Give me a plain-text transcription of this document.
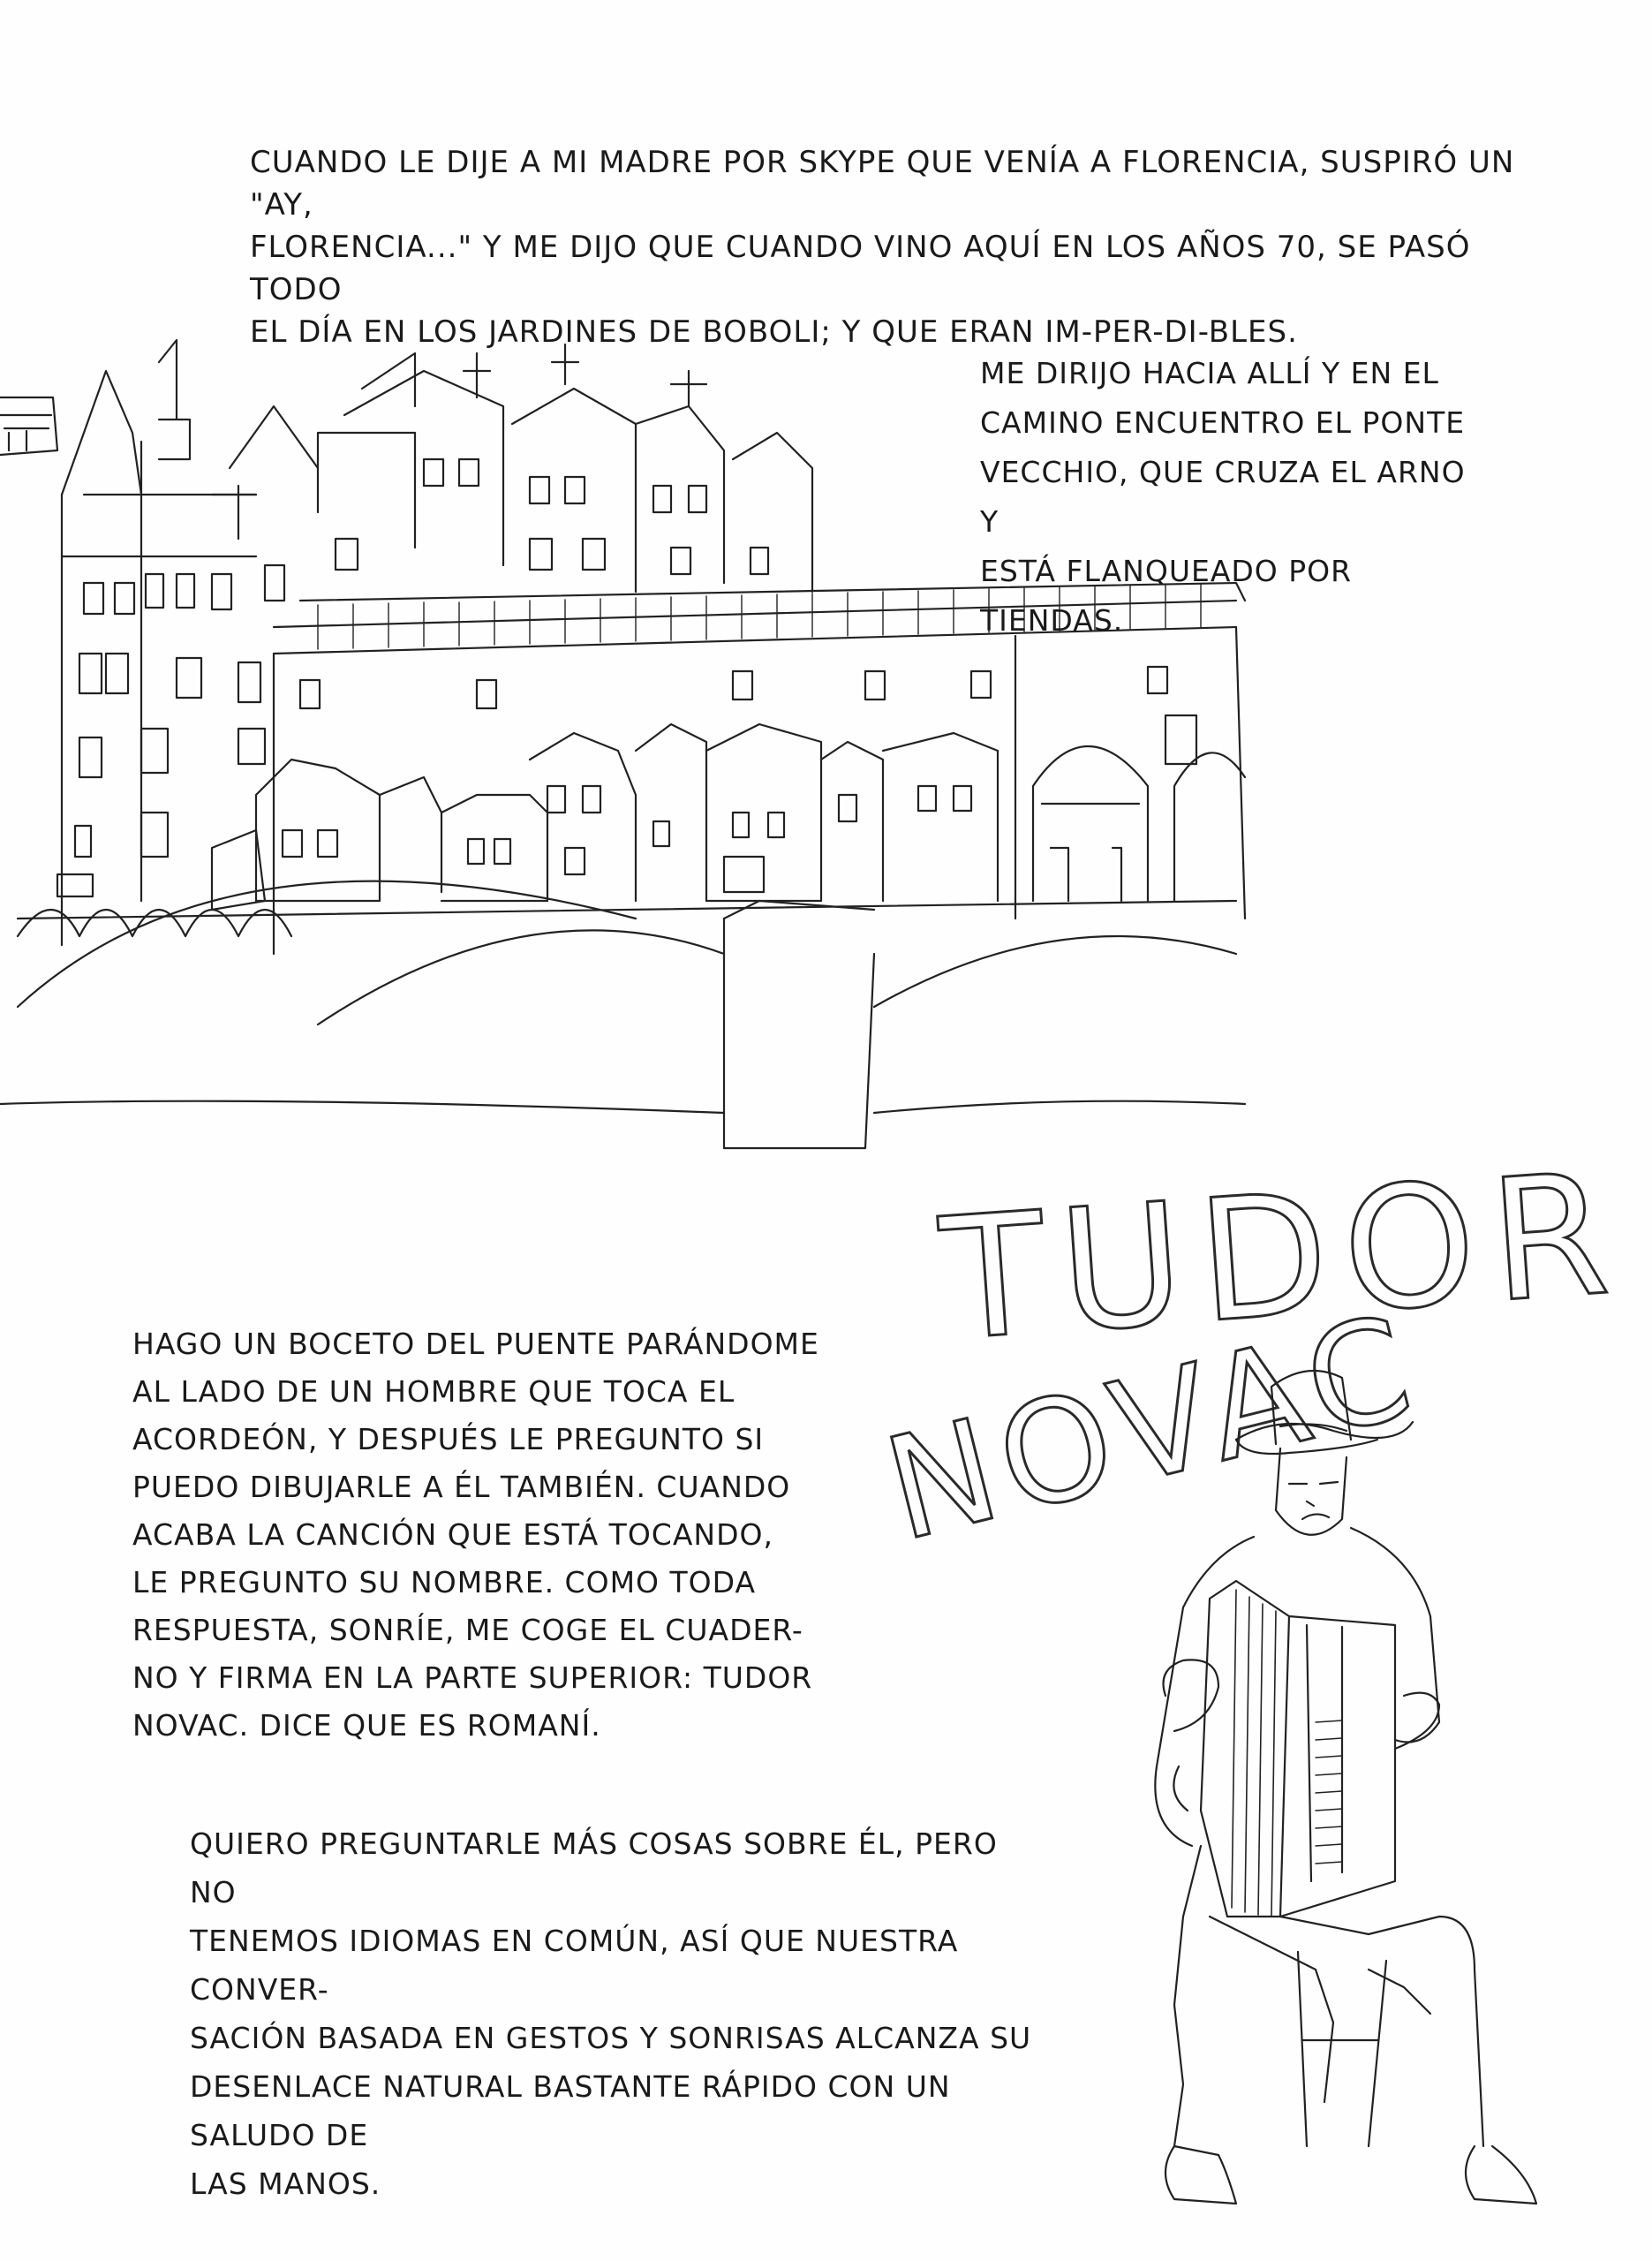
CUANDO LE DIJE A MI MADRE POR SKYPE QUE VENÍA A FLORENCIA, SUSPIRÓ UN "AY,
FLORENCIA..." Y ME DIJO QUE CUANDO VINO AQUÍ EN LOS AÑOS 70, SE PASÓ TODO
EL DÍA EN LOS JARDINES DE BOBOLI; Y QUE ERAN IM-PER-DI-BLES.
ME DIRIJO HACIA ALLÍ Y EN EL
CAMINO ENCUENTRO EL PONTE
VECCHIO, QUE CRUZA EL ARNO Y
ESTÁ FLANQUEADO POR TIENDAS.
TUDOR
NOVAC
HAGO UN BOCETO DEL PUENTE PARÁNDOME
AL LADO DE UN HOMBRE QUE TOCA EL
ACORDEÓN, Y DESPUÉS LE PREGUNTO SI
PUEDO DIBUJARLE A ÉL TAMBIÉN. CUANDO
ACABA LA CANCIÓN QUE ESTÁ TOCANDO,
LE PREGUNTO SU NOMBRE. COMO TODA
RESPUESTA, SONRÍE, ME COGE EL CUADER-
NO Y FIRMA EN LA PARTE SUPERIOR: TUDOR
NOVAC. DICE QUE ES ROMANÍ.
QUIERO PREGUNTARLE MÁS COSAS SOBRE ÉL, PERO NO
TENEMOS IDIOMAS EN COMÚN, ASÍ QUE NUESTRA CONVER-
SACIÓN BASADA EN GESTOS Y SONRISAS ALCANZA SU
DESENLACE NATURAL BASTANTE RÁPIDO CON UN SALUDO DE
LAS MANOS.
